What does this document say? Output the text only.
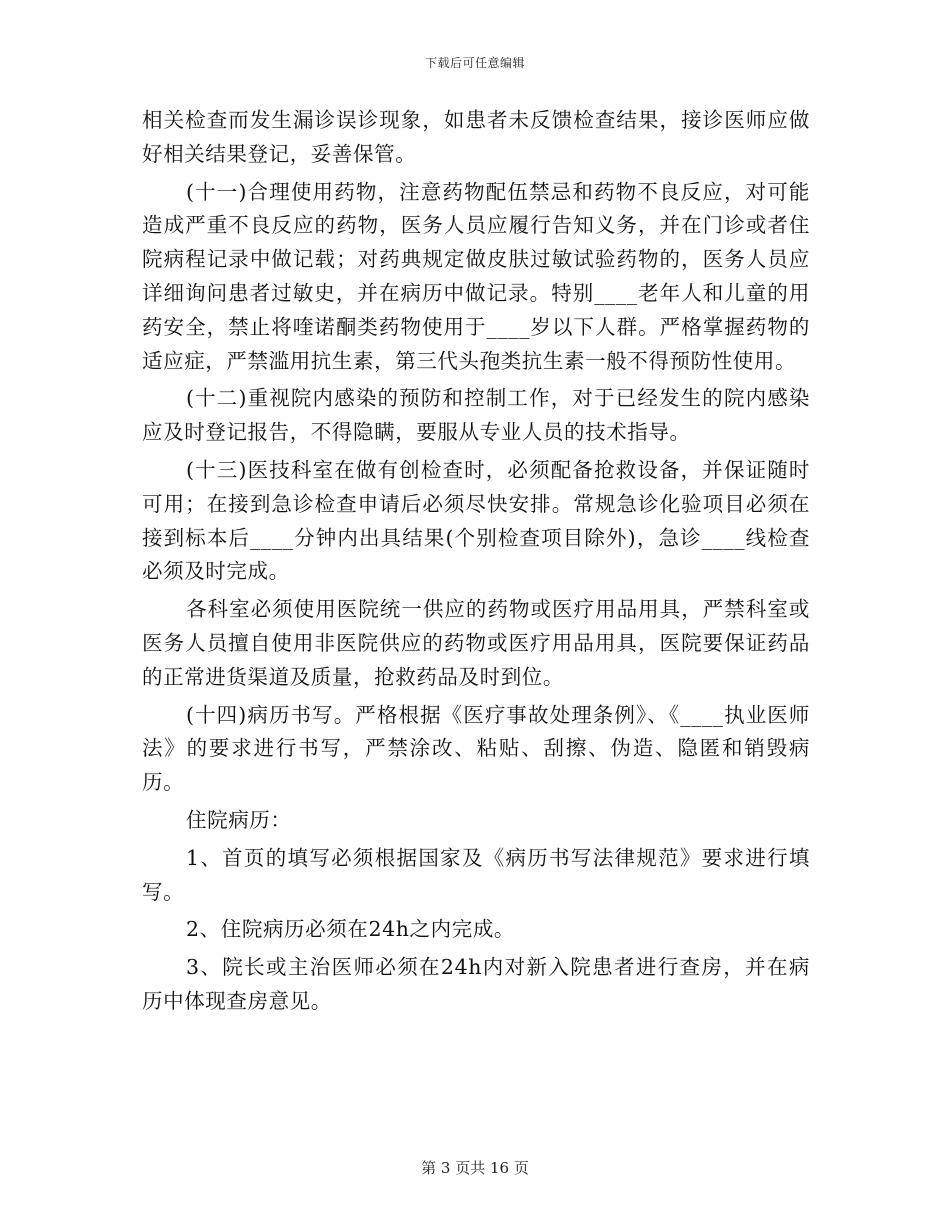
下载后可任意编辑

相关检查而发生漏诊误诊现象，如患者未反馈检查结果，接诊医师应做好相关结果登记，妥善保管。

(十一)合理使用药物，注意药物配伍禁忌和药物不良反应，对可能造成严重不良反应的药物，医务人员应履行告知义务，并在门诊或者住院病程记录中做记载；对药典规定做皮肤过敏试验药物的，医务人员应详细询问患者过敏史，并在病历中做记录。特别____老年人和儿童的用药安全，禁止将喹诺酮类药物使用于____岁以下人群。严格掌握药物的适应症，严禁滥用抗生素，第三代头孢类抗生素一般不得预防性使用。

(十二)重视院内感染的预防和控制工作，对于已经发生的院内感染应及时登记报告，不得隐瞒，要服从专业人员的技术指导。

(十三)医技科室在做有创检查时，必须配备抢救设备，并保证随时可用；在接到急诊检查申请后必须尽快安排。常规急诊化验项目必须在接到标本后____分钟内出具结果(个别检查项目除外)，急诊____线检查必须及时完成。

各科室必须使用医院统一供应的药物或医疗用品用具，严禁科室或医务人员擅自使用非医院供应的药物或医疗用品用具，医院要保证药品的正常进货渠道及质量，抢救药品及时到位。

(十四)病历书写。严格根据《医疗事故处理条例》、《____执业医师法》的要求进行书写，严禁涂改、粘贴、刮擦、伪造、隐匿和销毁病历。

住院病历：

1、首页的填写必须根据国家及《病历书写法律规范》要求进行填写。

2、住院病历必须在24h之内完成。

3、院长或主治医师必须在24h内对新入院患者进行查房，并在病历中体现查房意见。

第 3 页共 16 页
